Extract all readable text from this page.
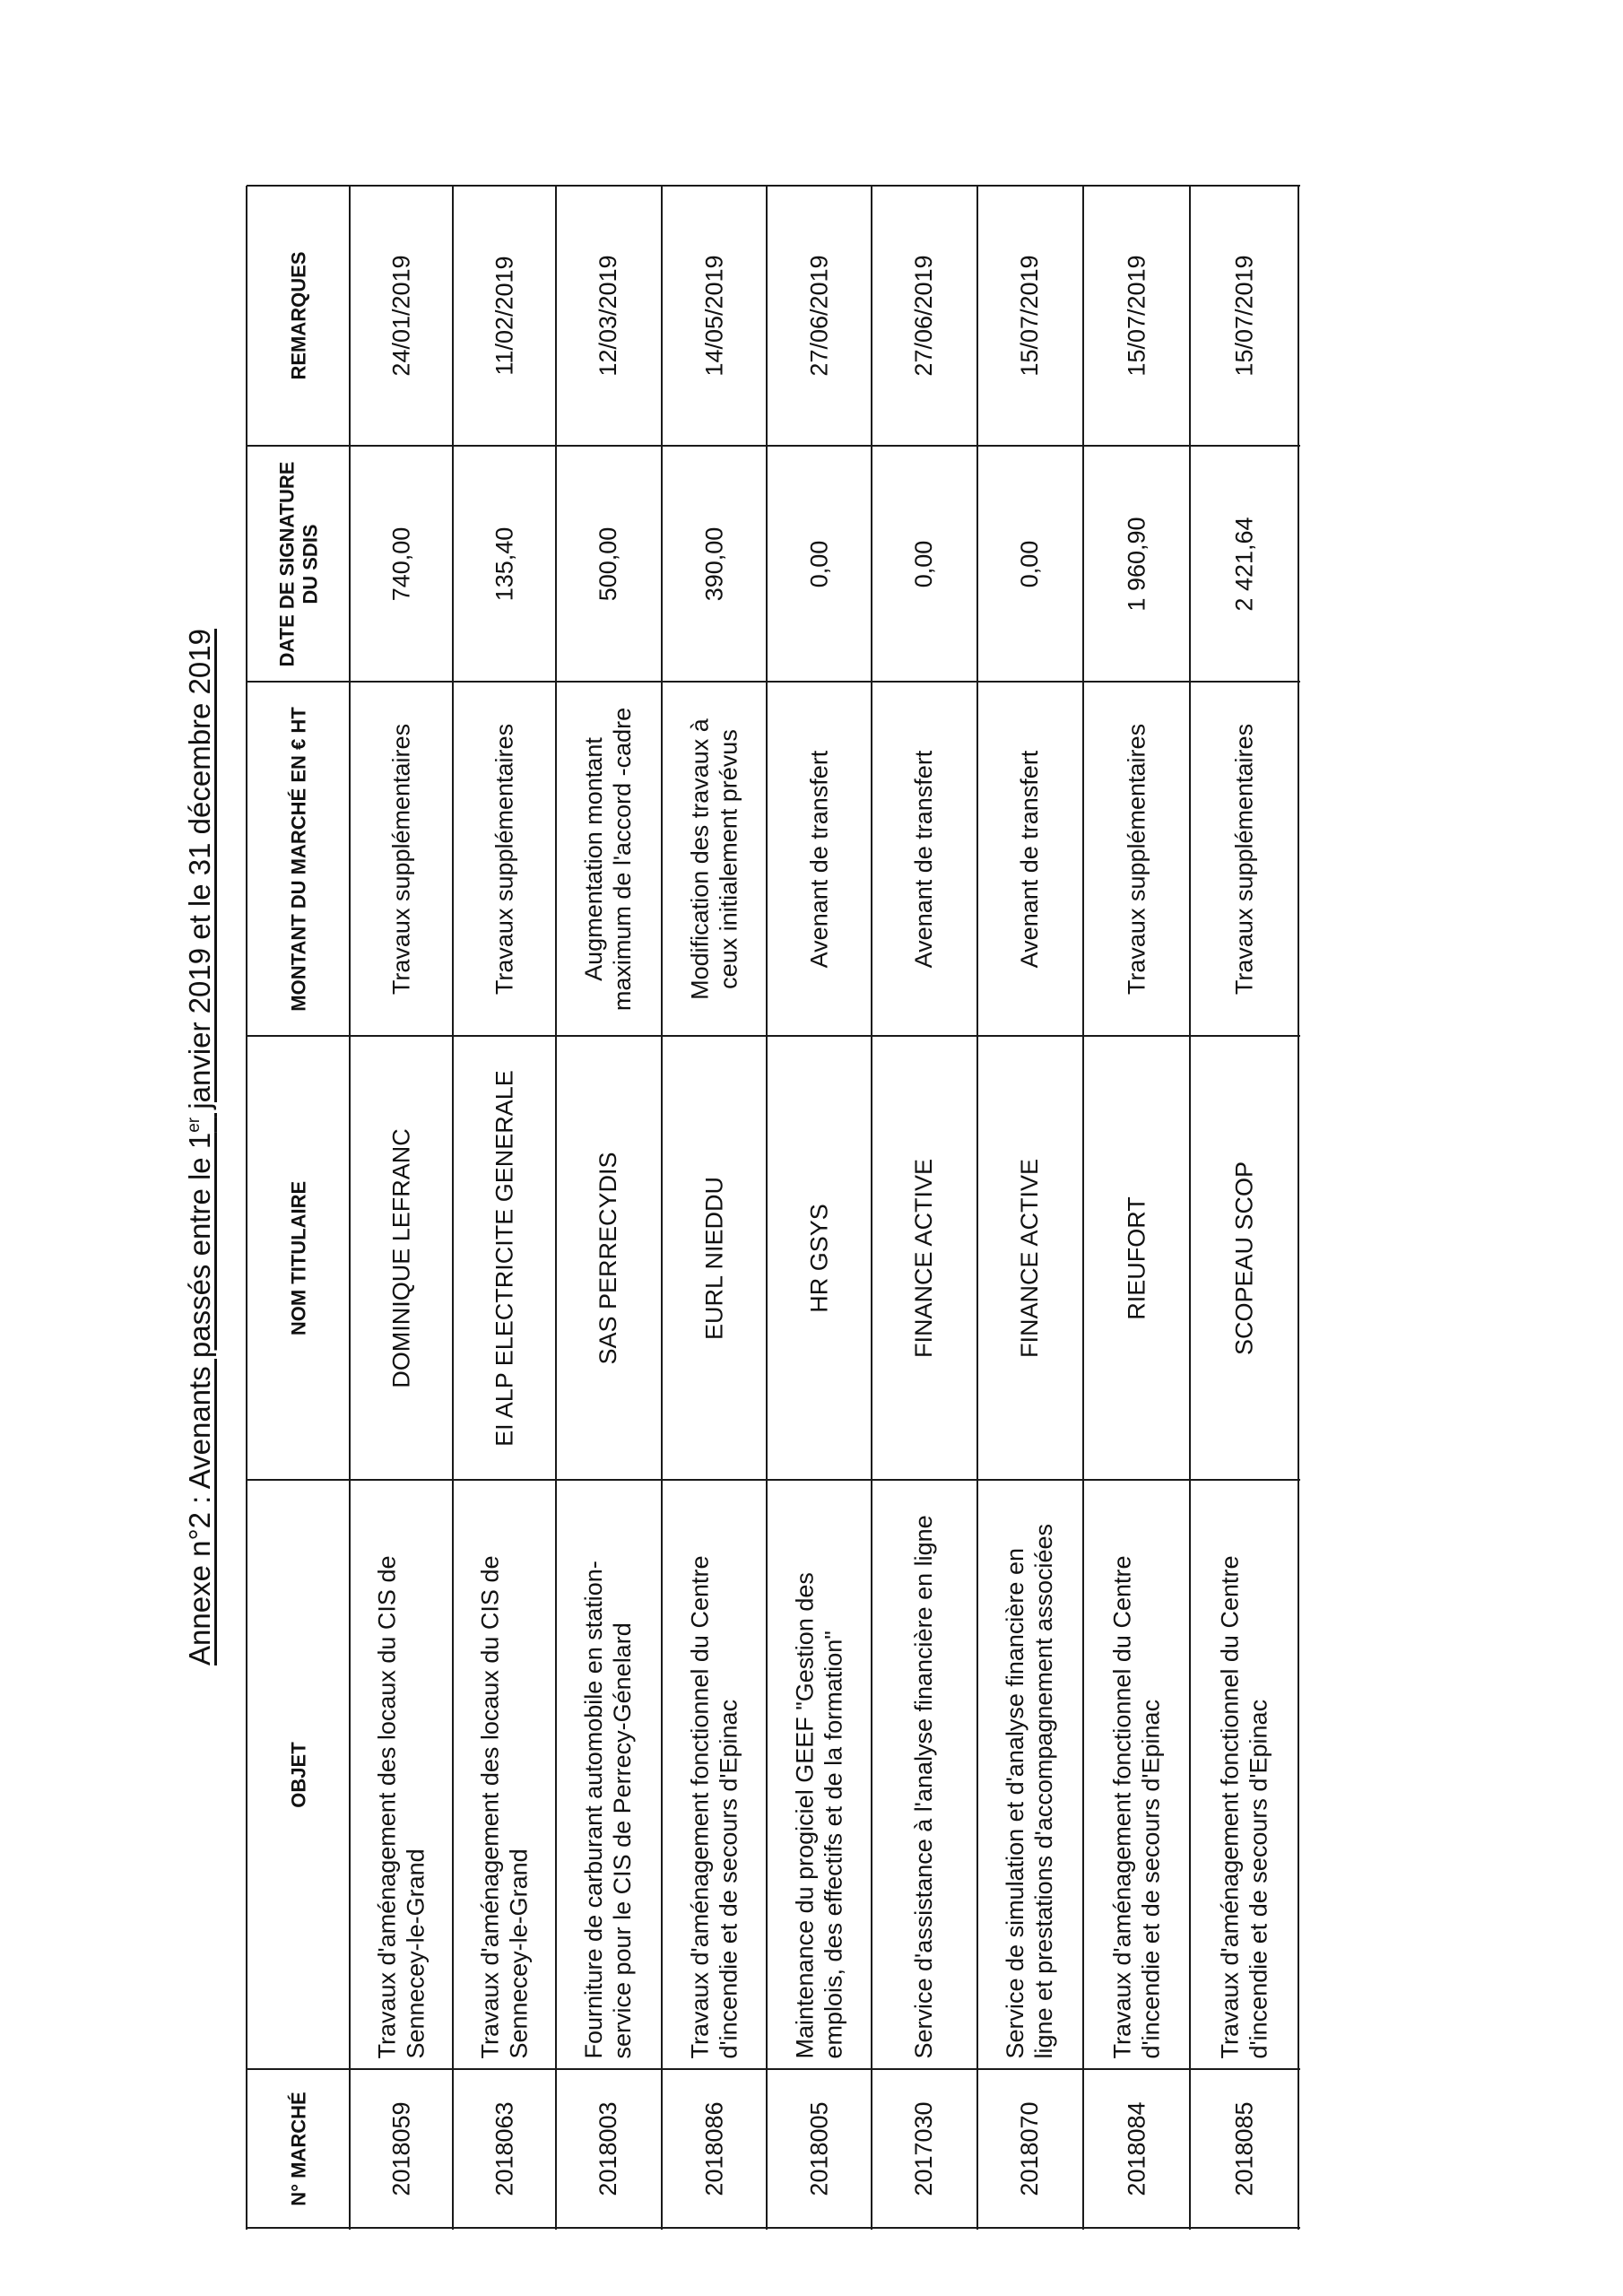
Annexe n°2 : Avenants passés entre le 1er janvier 2019 et le 31 décembre 2019
REMARQUES
DATE DE SIGNATURE DU SDIS
MONTANT DU MARCHÉ EN € HT
NOM TITULAIRE
OBJET
N° MARCHÉ
24/01/2019
740,00
Travaux supplémentaires
DOMINIQUE LEFRANC
Travaux d'aménagement des locaux du CIS de Sennecey-le-Grand
2018059
11/02/2019
135,40
Travaux supplémentaires
EI ALP ELECTRICITE GENERALE
Travaux d'aménagement des locaux du CIS de Sennecey-le-Grand
2018063
12/03/2019
500,00
Augmentation montant maximum de l'accord -cadre
SAS PERRECYDIS
Fourniture de carburant automobile en station-service pour le CIS de Perrecy-Génelard
2018003
14/05/2019
390,00
Modification des travaux à ceux initialement prévus
EURL NIEDDU
Travaux d'aménagement fonctionnel du Centre d'incendie et de secours d'Epinac
2018086
27/06/2019
0,00
Avenant de transfert
HR GSYS
Maintenance du progiciel GEEF "Gestion des emplois, des effectifs et de la formation"
2018005
27/06/2019
0,00
Avenant de transfert
FINANCE ACTIVE
Service d'assistance à l'analyse financière en ligne
2017030
15/07/2019
0,00
Avenant de transfert
FINANCE ACTIVE
Service de simulation et d'analyse financière en ligne et prestations d'accompagnement associées
2018070
15/07/2019
1 960,90
Travaux supplémentaires
RIEUFORT
Travaux d'aménagement fonctionnel du Centre d'incendie et de secours d'Epinac
2018084
15/07/2019
2 421,64
Travaux supplémentaires
SCOPEAU SCOP
Travaux d'aménagement fonctionnel du Centre d'incendie et de secours d'Epinac
2018085
